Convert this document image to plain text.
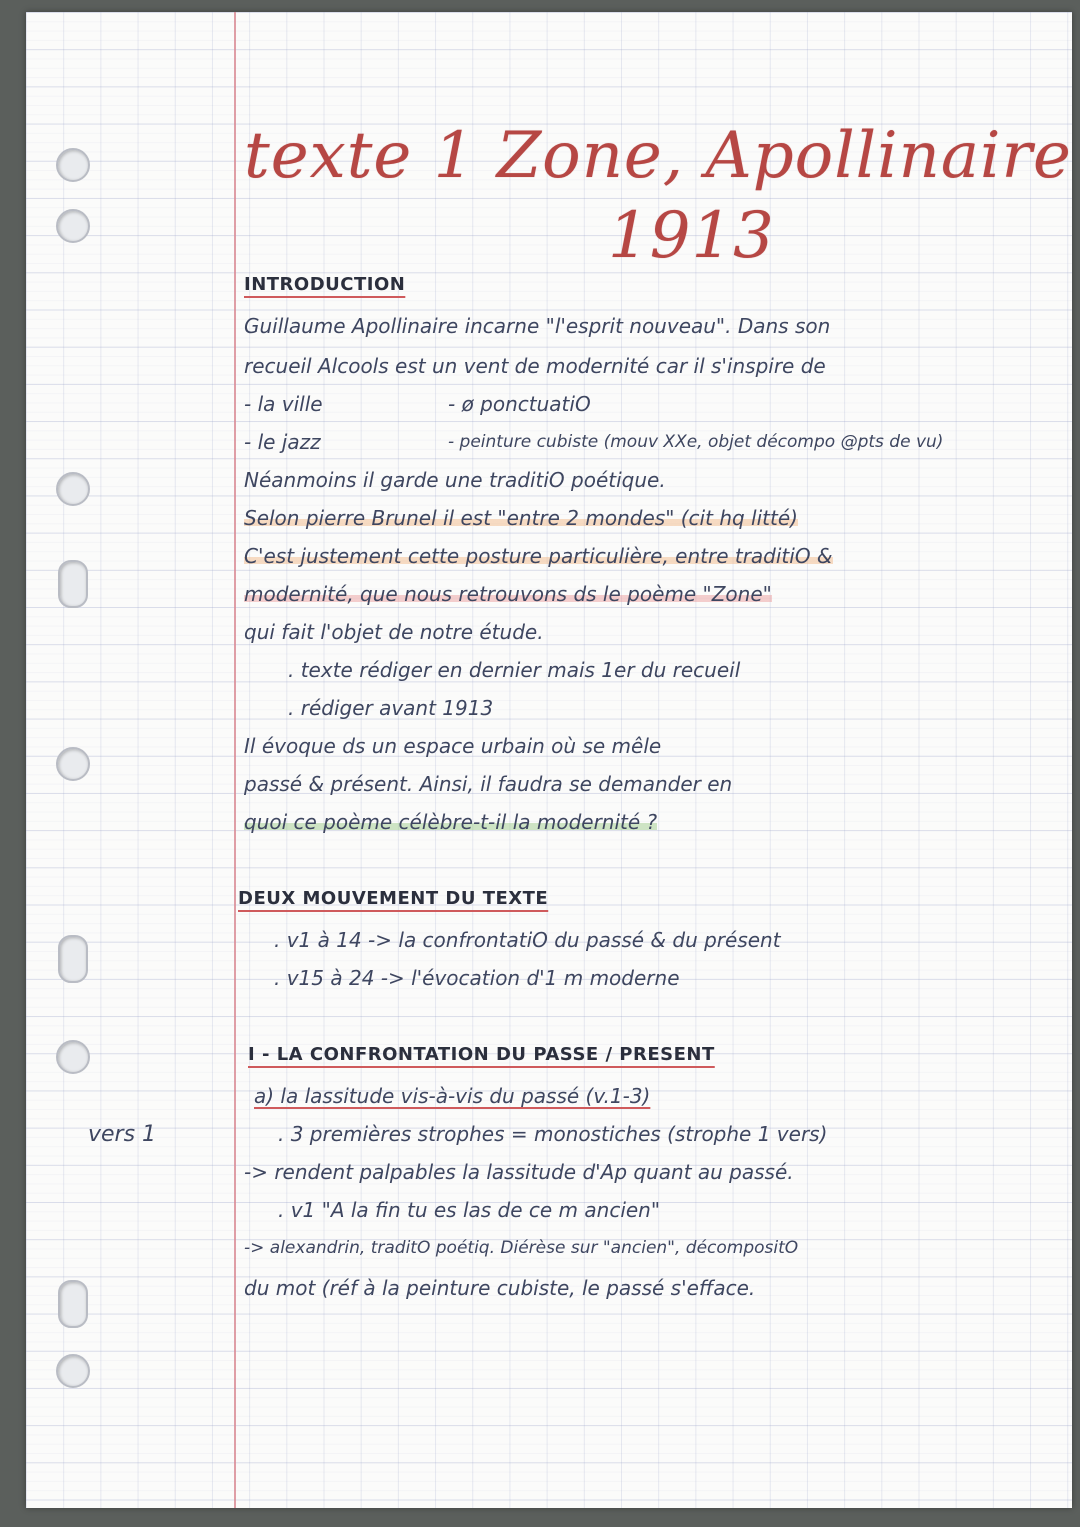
texte 1 Zone, Apollinaire
1913
INTRODUCTION
Guillaume Apollinaire incarne "l'esprit nouveau". Dans son
recueil Alcools est un vent de modernité car il s'inspire de
- la ville	- ø ponctuatiO
- le jazz	- peinture cubiste (mouv XXe, objet décompo @pts de vu)
Néanmoins il garde une traditiO poétique.
Selon pierre Brunel il est "entre 2 mondes" (cit hq litté)
C'est justement cette posture particulière, entre traditiO &
modernité, que nous retrouvons ds le poème "Zone"
qui fait l'objet de notre étude.
. texte rédiger en dernier mais 1er du recueil
. rédiger avant 1913
Il évoque ds un espace urbain où se mêle
passé & présent. Ainsi, il faudra se demander en
quoi ce poème célèbre-t-il la modernité ?
DEUX MOUVEMENT DU TEXTE
. v1 à 14 -> la confrontatiO du passé & du présent
. v15 à 24 -> l'évocation d'1 m moderne
I - LA CONFRONTATION DU PASSE / PRESENT
a) la lassitude vis-à-vis du passé (v.1-3)
vers 1	. 3 premières strophes = monostiches (strophe 1 vers)
-> rendent palpables la lassitude d'Ap quant au passé.
. v1 "A la fin tu es las de ce m ancien"
-> alexandrin, traditO poétiq. Diérèse sur "ancien", décompositO
du mot (réf à la peinture cubiste, le passé s'efface.
